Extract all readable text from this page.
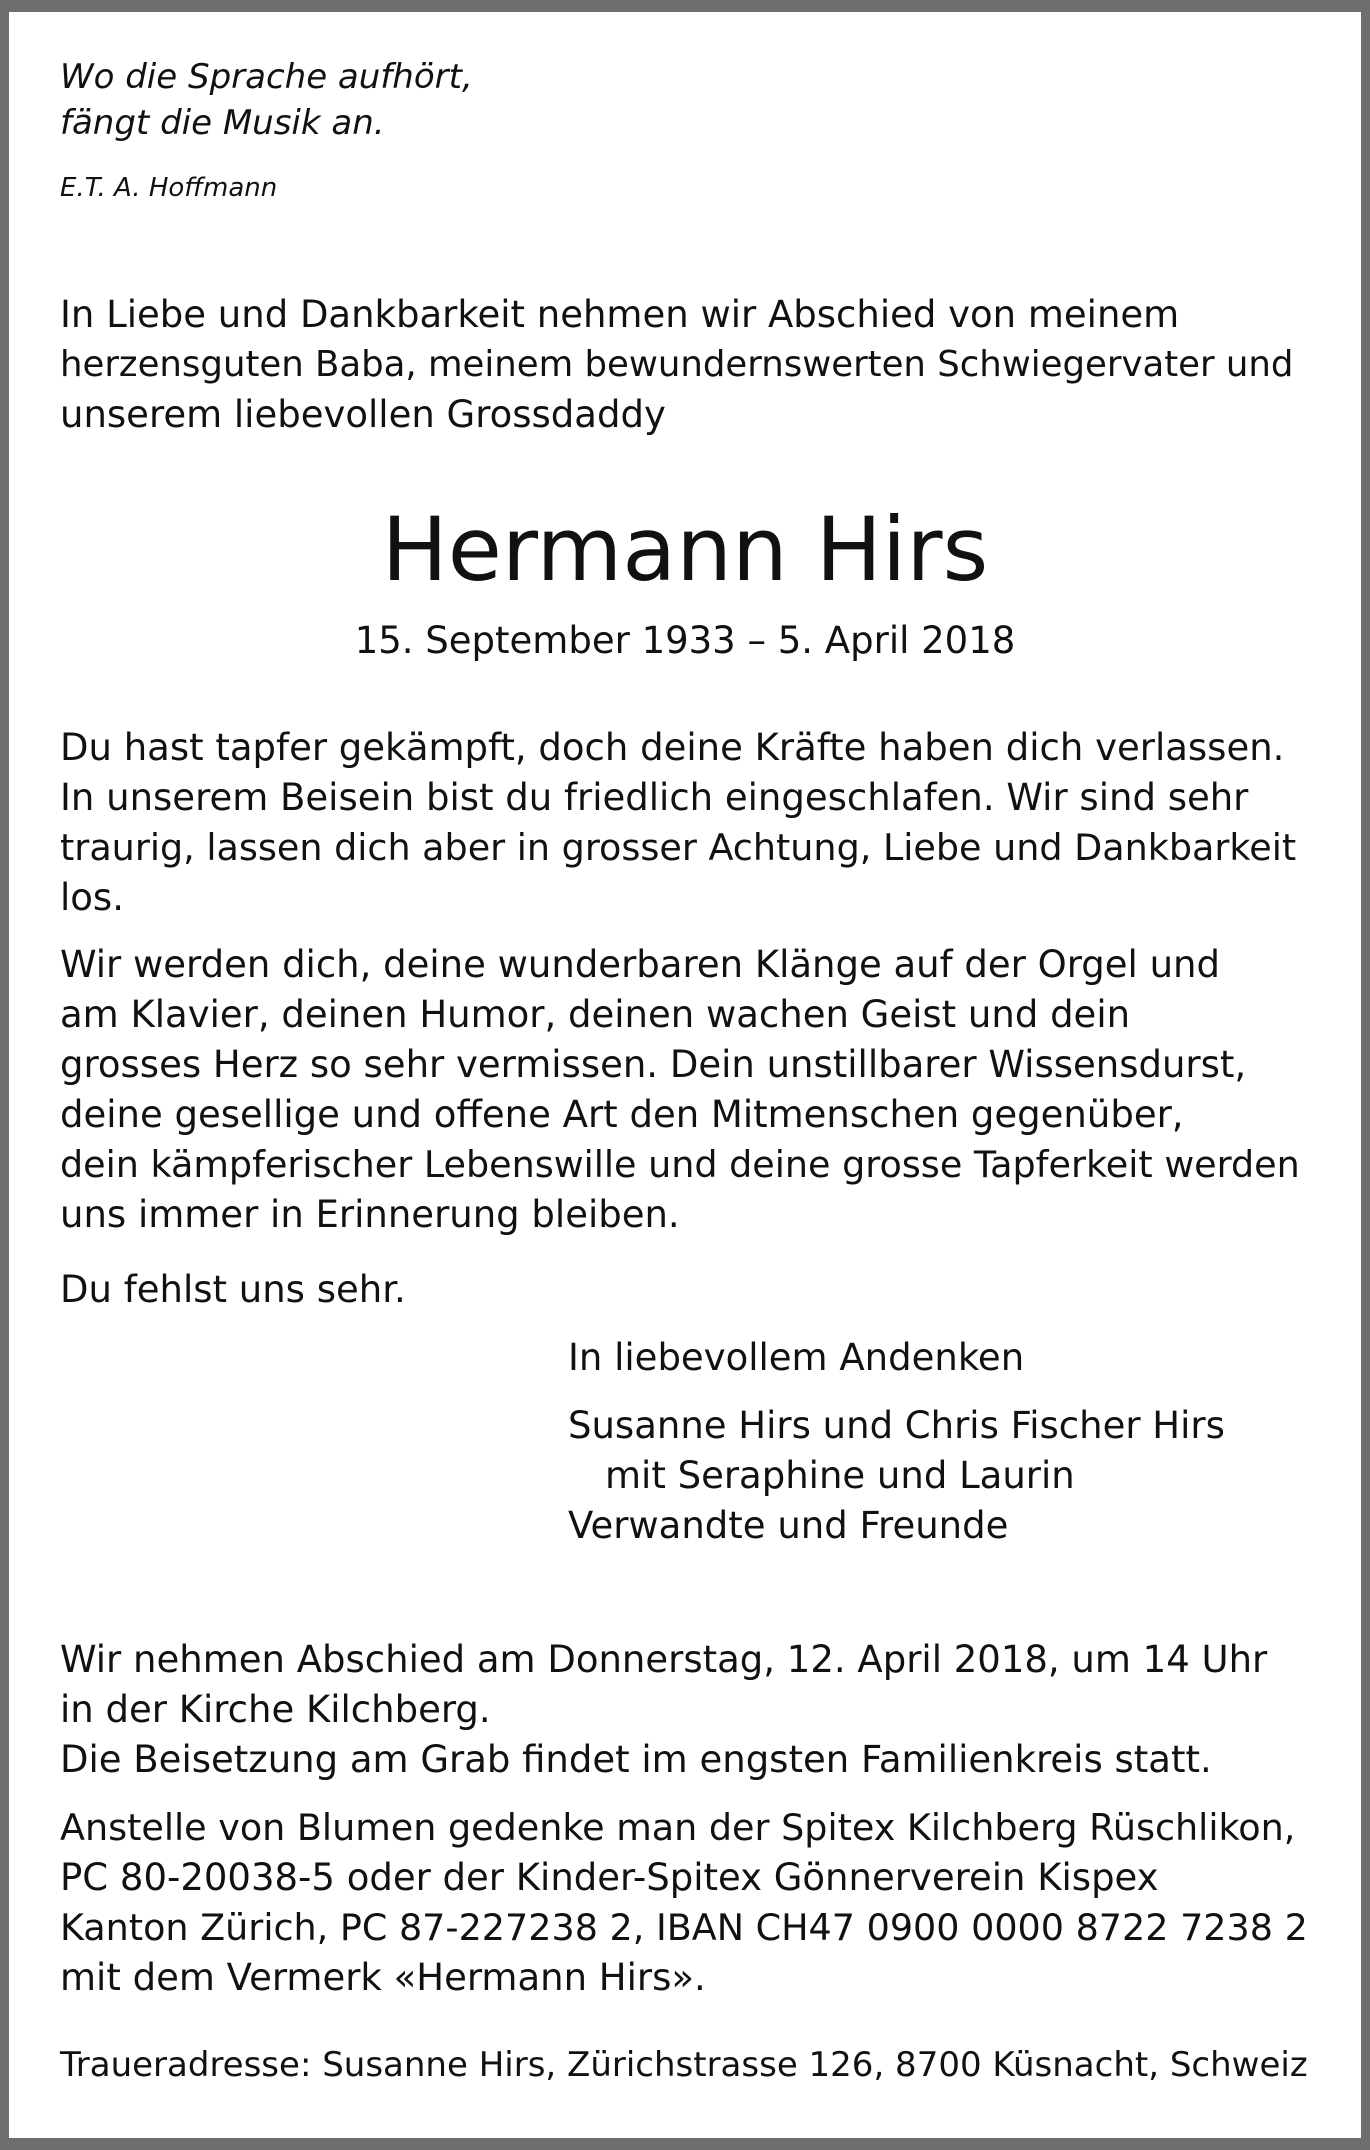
Wo die Sprache aufhört,
fängt die Musik an.
E.T. A. Hoffmann
In Liebe und Dankbarkeit nehmen wir Abschied von meinem
herzensguten Baba, meinem bewundernswerten Schwiegervater und
unserem liebevollen Grossdaddy
Hermann Hirs
15. September 1933 – 5. April 2018
Du hast tapfer gekämpft, doch deine Kräfte haben dich verlassen.
In unserem Beisein bist du friedlich eingeschlafen. Wir sind sehr
traurig, lassen dich aber in grosser Achtung, Liebe und Dankbarkeit
los.
Wir werden dich, deine wunderbaren Klänge auf der Orgel und
am Klavier, deinen Humor, deinen wachen Geist und dein
grosses Herz so sehr vermissen. Dein unstillbarer Wissensdurst,
deine gesellige und offene Art den Mitmenschen gegenüber,
dein kämpferischer Lebenswille und deine grosse Tapferkeit werden
uns immer in Erinnerung bleiben.
Du fehlst uns sehr.
In liebevollem Andenken
Susanne Hirs und Chris Fischer Hirs
mit Seraphine und Laurin
Verwandte und Freunde
Wir nehmen Abschied am Donnerstag, 12. April 2018, um 14 Uhr
in der Kirche Kilchberg.
Die Beisetzung am Grab findet im engsten Familienkreis statt.
Anstelle von Blumen gedenke man der Spitex Kilchberg Rüschlikon,
PC 80-20038-5 oder der Kinder-Spitex Gönnerverein Kispex
Kanton Zürich, PC 87-227238 2, IBAN CH47 0900 0000 8722 7238 2
mit dem Vermerk «Hermann Hirs».
Traueradresse: Susanne Hirs, Zürichstrasse 126, 8700 Küsnacht, Schweiz
